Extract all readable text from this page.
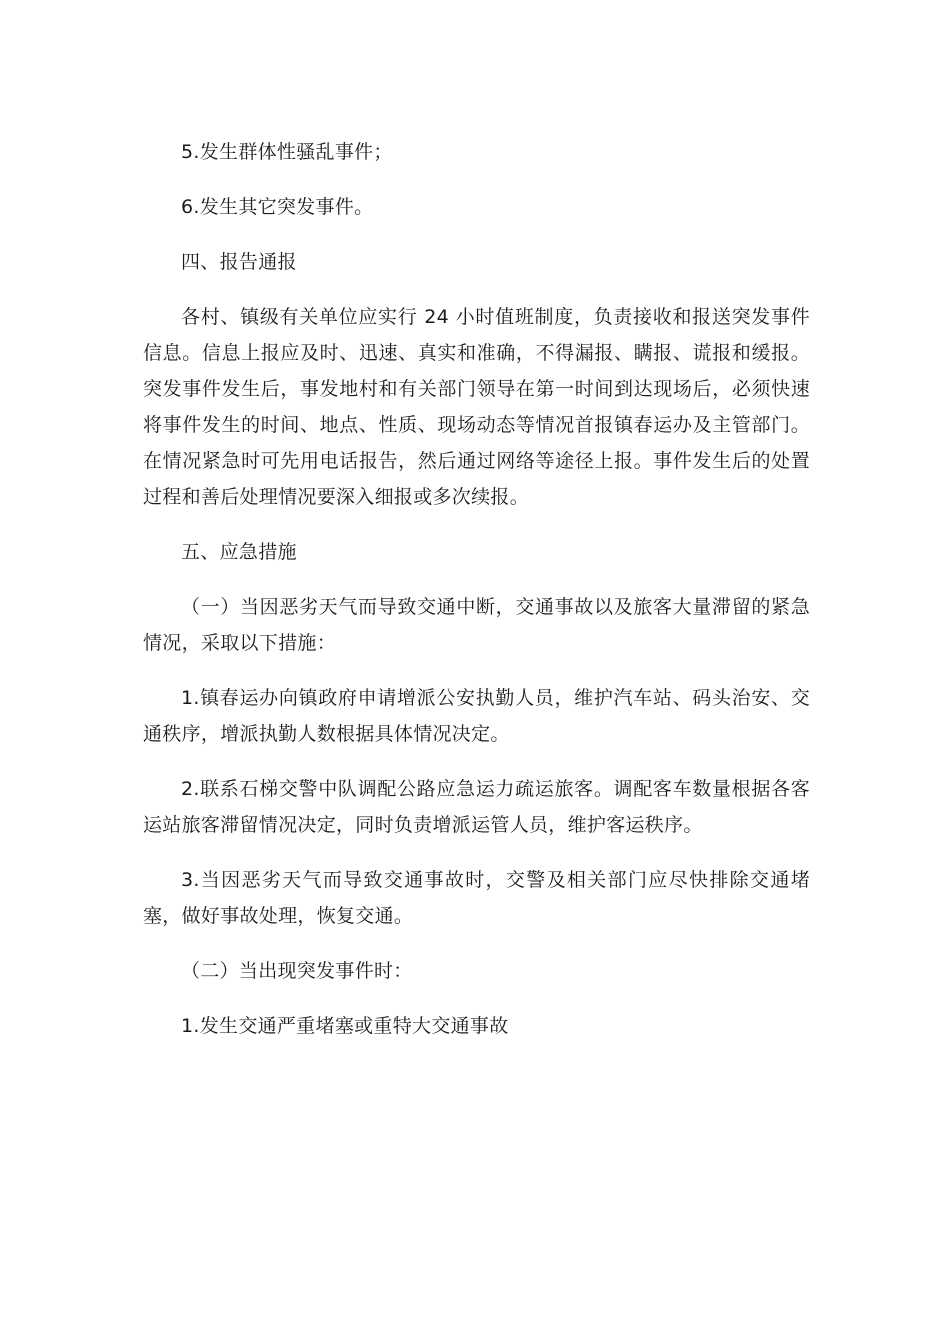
5.发生群体性骚乱事件；

6.发生其它突发事件。

四、报告通报

各村、镇级有关单位应实行 24 小时值班制度，负责接收和报送突发事件信息。信息上报应及时、迅速、真实和准确，不得漏报、瞒报、谎报和缓报。突发事件发生后，事发地村和有关部门领导在第一时间到达现场后，必须快速将事件发生的时间、地点、性质、现场动态等情况首报镇春运办及主管部门。在情况紧急时可先用电话报告，然后通过网络等途径上报。事件发生后的处置过程和善后处理情况要深入细报或多次续报。

五、应急措施

（一）当因恶劣天气而导致交通中断，交通事故以及旅客大量滞留的紧急情况，采取以下措施：

1.镇春运办向镇政府申请增派公安执勤人员，维护汽车站、码头治安、交通秩序，增派执勤人数根据具体情况决定。

2.联系石梯交警中队调配公路应急运力疏运旅客。调配客车数量根据各客运站旅客滞留情况决定，同时负责增派运管人员，维护客运秩序。

3.当因恶劣天气而导致交通事故时，交警及相关部门应尽快排除交通堵塞，做好事故处理，恢复交通。

（二）当出现突发事件时：

1.发生交通严重堵塞或重特大交通事故
